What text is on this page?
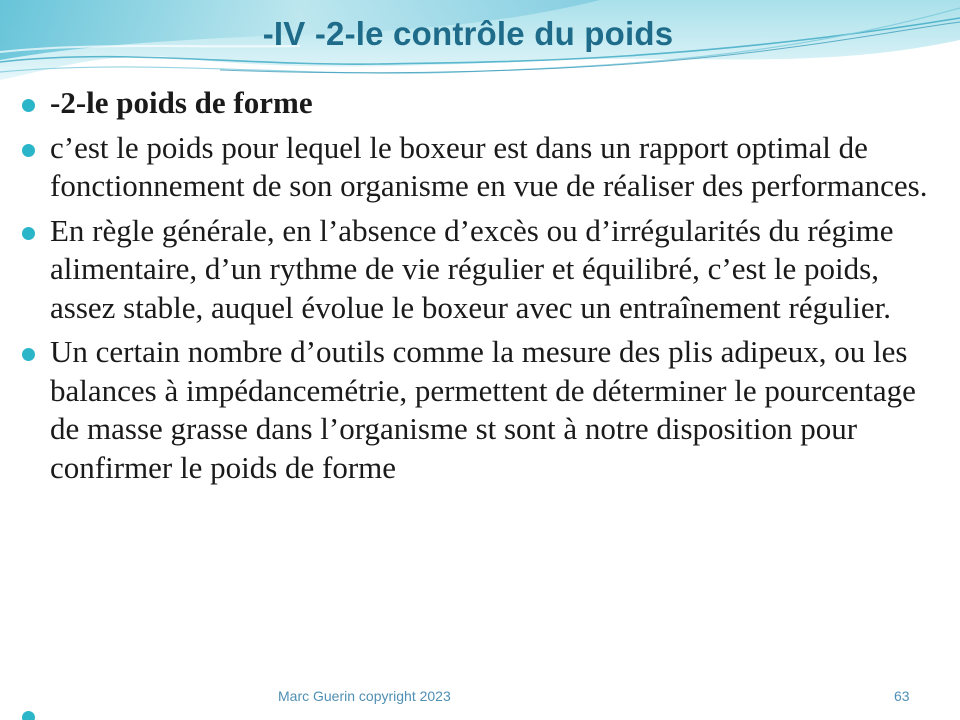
-IV -2-le contrôle du poids
-2-le poids de forme
c’est le poids pour lequel le boxeur est dans un rapport optimal de fonctionnement de son organisme en vue de réaliser des performances.
En règle générale, en l’absence d’excès ou d’irrégularités du régime alimentaire, d’un rythme de vie régulier et équilibré, c’est le poids, assez stable, auquel évolue le boxeur avec un entraînement régulier.
Un certain nombre d’outils comme la mesure des plis adipeux, ou les balances à impédancemétrie, permettent de déterminer le pourcentage de masse grasse dans l’organisme st sont à notre disposition pour confirmer le poids de forme
Marc Guerin copyright 2023	63
